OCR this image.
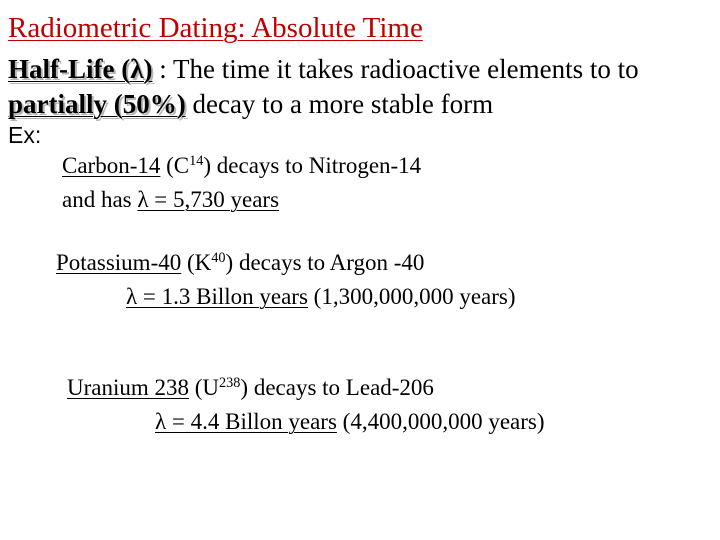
Radiometric Dating: Absolute Time
Half-Life (λ) : The time it takes radioactive elements to to
partially (50%) decay to a more stable form
Ex:
Carbon-14 $(C^{14})$ decays to Nitrogen-14
and has λ = 5,730 years
Potassium-40 $(K^{40})$ decays to Argon -40
λ = 1.3 Billon years (1,300,000,000 years)
Uranium 238 $(U^{238})$ decays to Lead-206
λ = 4.4 Billon years (4,400,000,000 years)
